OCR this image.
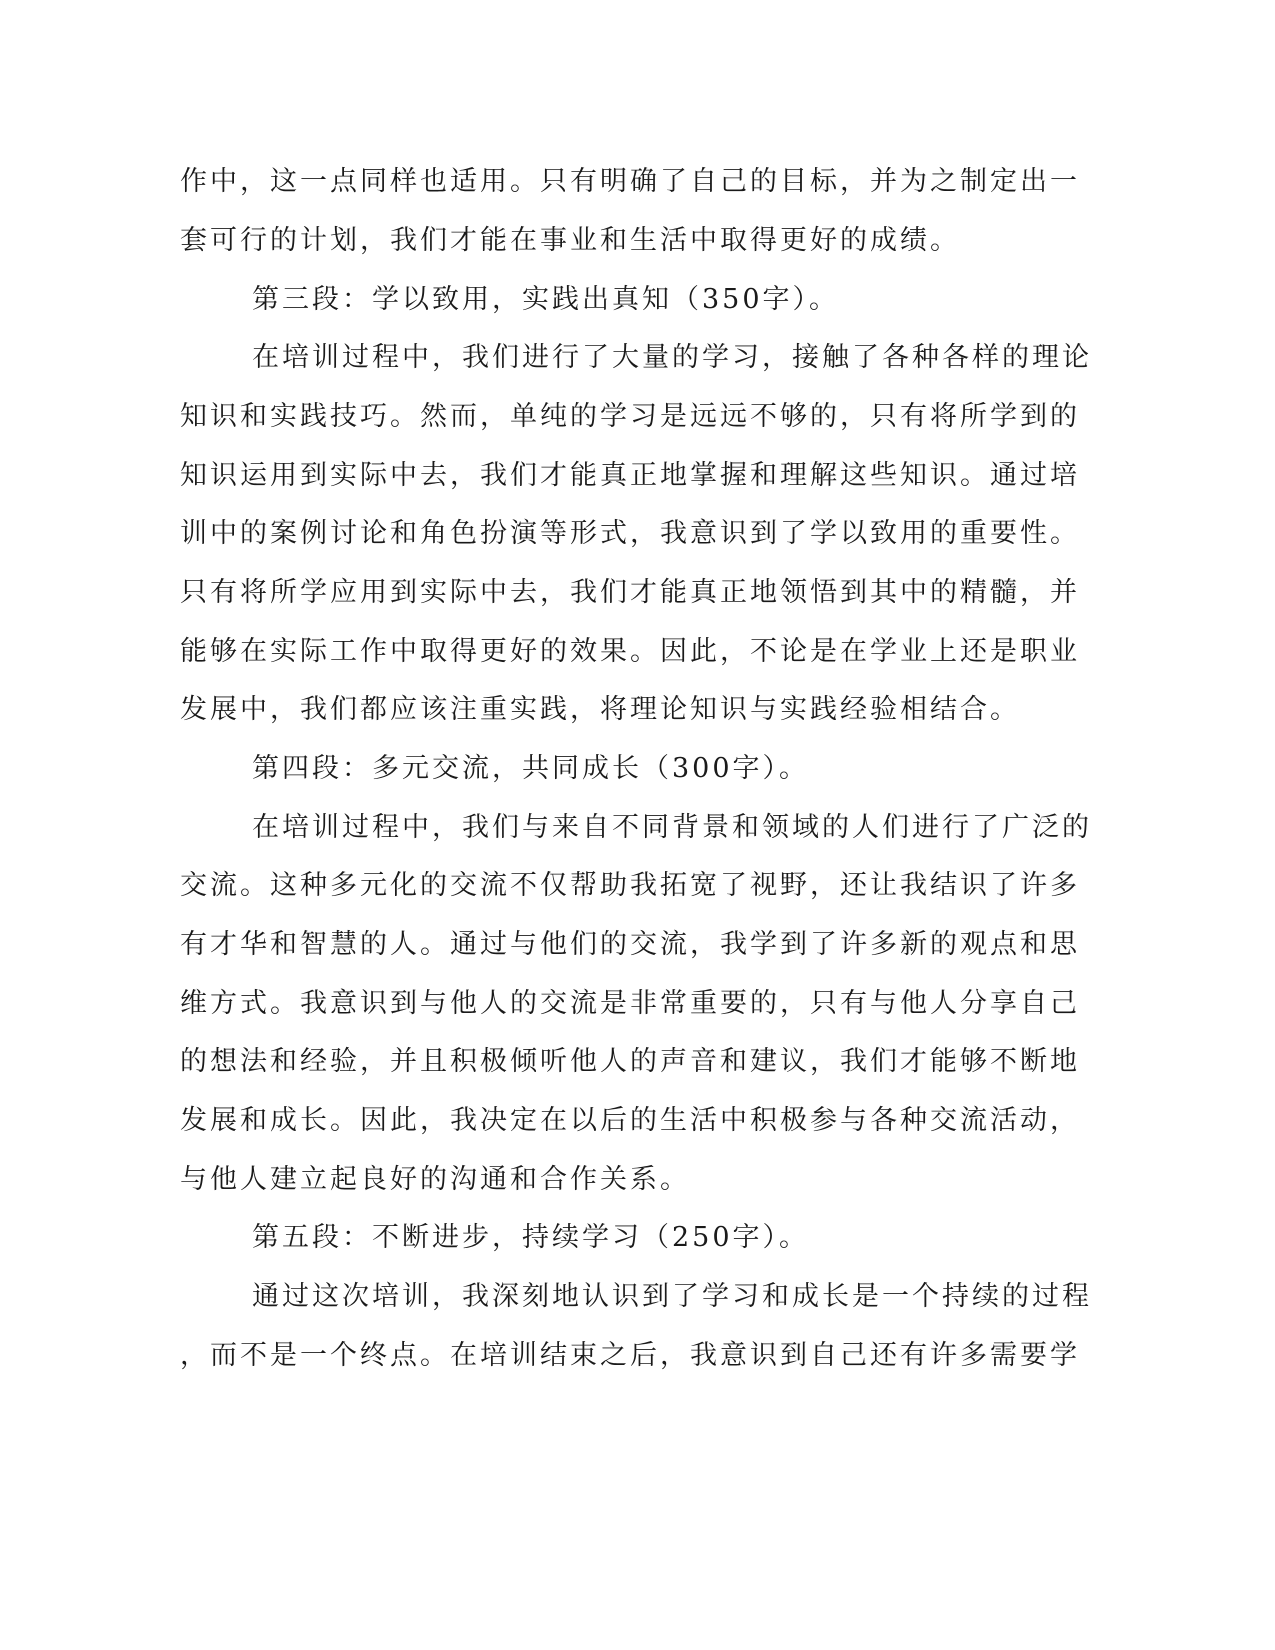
作中，这一点同样也适用。只有明确了自己的目标，并为之制定出一
套可行的计划，我们才能在事业和生活中取得更好的成绩。
第三段：学以致用，实践出真知（350字）。
在培训过程中，我们进行了大量的学习，接触了各种各样的理论
知识和实践技巧。然而，单纯的学习是远远不够的，只有将所学到的
知识运用到实际中去，我们才能真正地掌握和理解这些知识。通过培
训中的案例讨论和角色扮演等形式，我意识到了学以致用的重要性。
只有将所学应用到实际中去，我们才能真正地领悟到其中的精髓，并
能够在实际工作中取得更好的效果。因此，不论是在学业上还是职业
发展中，我们都应该注重实践，将理论知识与实践经验相结合。
第四段：多元交流，共同成长（300字）。
在培训过程中，我们与来自不同背景和领域的人们进行了广泛的
交流。这种多元化的交流不仅帮助我拓宽了视野，还让我结识了许多
有才华和智慧的人。通过与他们的交流，我学到了许多新的观点和思
维方式。我意识到与他人的交流是非常重要的，只有与他人分享自己
的想法和经验，并且积极倾听他人的声音和建议，我们才能够不断地
发展和成长。因此，我决定在以后的生活中积极参与各种交流活动，
与他人建立起良好的沟通和合作关系。
第五段：不断进步，持续学习（250字）。
通过这次培训，我深刻地认识到了学习和成长是一个持续的过程
，而不是一个终点。在培训结束之后，我意识到自己还有许多需要学
